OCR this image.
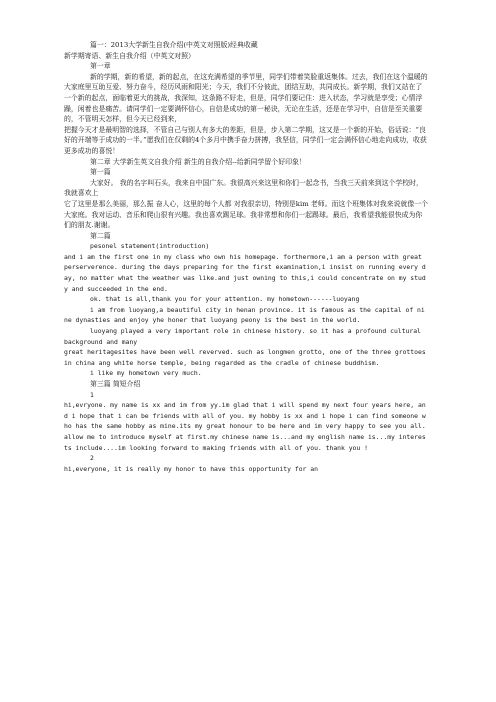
篇一：2013大学新生自我介绍(中英文对照版)经典收藏

新学期寄语、新生自我介绍（中英文对照）

第一章

新的学期，新的希望，新的起点，在这充满希望的季节里，同学们带着笑脸重返集体。过去，我们在这个温暖的大家庭里互助互爱、努力奋斗，经历风雨和阳光；今天，我们不分彼此，团结互助，共同成长。新学期，我们又站在了一个新的起点，面临着更大的挑战，我深知，这条路不好走，但是，同学们要记住：进入状态，学习就是享受；心情浮躁，闲着也是痛苦。请同学们一定要满怀信心，自信是成功的第一秘诀，无论在生活，还是在学习中，自信是至关重要的，不管明天怎样，但今天已经到来，

把握今天才是最明智的选择，不管自己与别人有多大的差距，但是，步入第二学期，这又是一个新的开始，俗话说：“良好的开端等于成功的一半。”愿我们在仅剩的4个多月中携手奋力拼搏，我坚信，同学们一定会满怀信心地走向成功，收获更多成功的喜悦！

第二章 大学新生英文自我介绍 新生的自我介绍--给新同学留个好印象！

第一篇

大家好。 我的名字叫石头，我来自中国广东。我很高兴来这里和你们一起念书，当我三天前来到这个学校时，我就喜欢上

它了这里是那么美丽，那么振 奋人心，这里的每个人都 对我很亲切，特别是kim 老师。而这个班集体对我来说就像一个大家庭。我对运动、音乐和爬山很有兴趣。我也喜欢踢足球。我非常想和你们一起踢球。最后，我希望我能很快成为你们的朋友.谢谢。

第二篇

pesonel statement(introduction)

and i am the first one in my class who own his homepage. forthermore,i am a person with great perserverence. during the days preparing for the first examination,i insist on running every day, no matter what the weather was like.and just owning to this,i could concentrate on my study and succeeded in the end.

ok. that is all,thank you for your attention. my hometown------luoyang

i am from luoyang,a beautiful city in henan province. it is famous as the capital of nine dynasties and enjoy yhe honer that luoyang peony is the best in the world.

luoyang played a very important role in chinese history. so it has a profound cultural background and many

great heritagesites have been well reverved. such as longmen grotto, one of the three grottoes in china ang white horse temple, being regarded as the cradle of chinese buddhism.

i like my hometown very much.

第三篇 简短介绍

1

hi,evryone. my name is xx and im from yy.im glad that i will spend my next four years here, and i hope that i can be friends with all of you. my hobby is xx and i hope i can find someone who has the same hobby as mine.its my great honour to be here and im very happy to see you all.allow me to introduce myself at first.my chinese name is...and my english name is...my interests include....im looking forward to making friends with all of you. thank you !

2

hi,everyone, it is really my honor to have this opportunity for an
